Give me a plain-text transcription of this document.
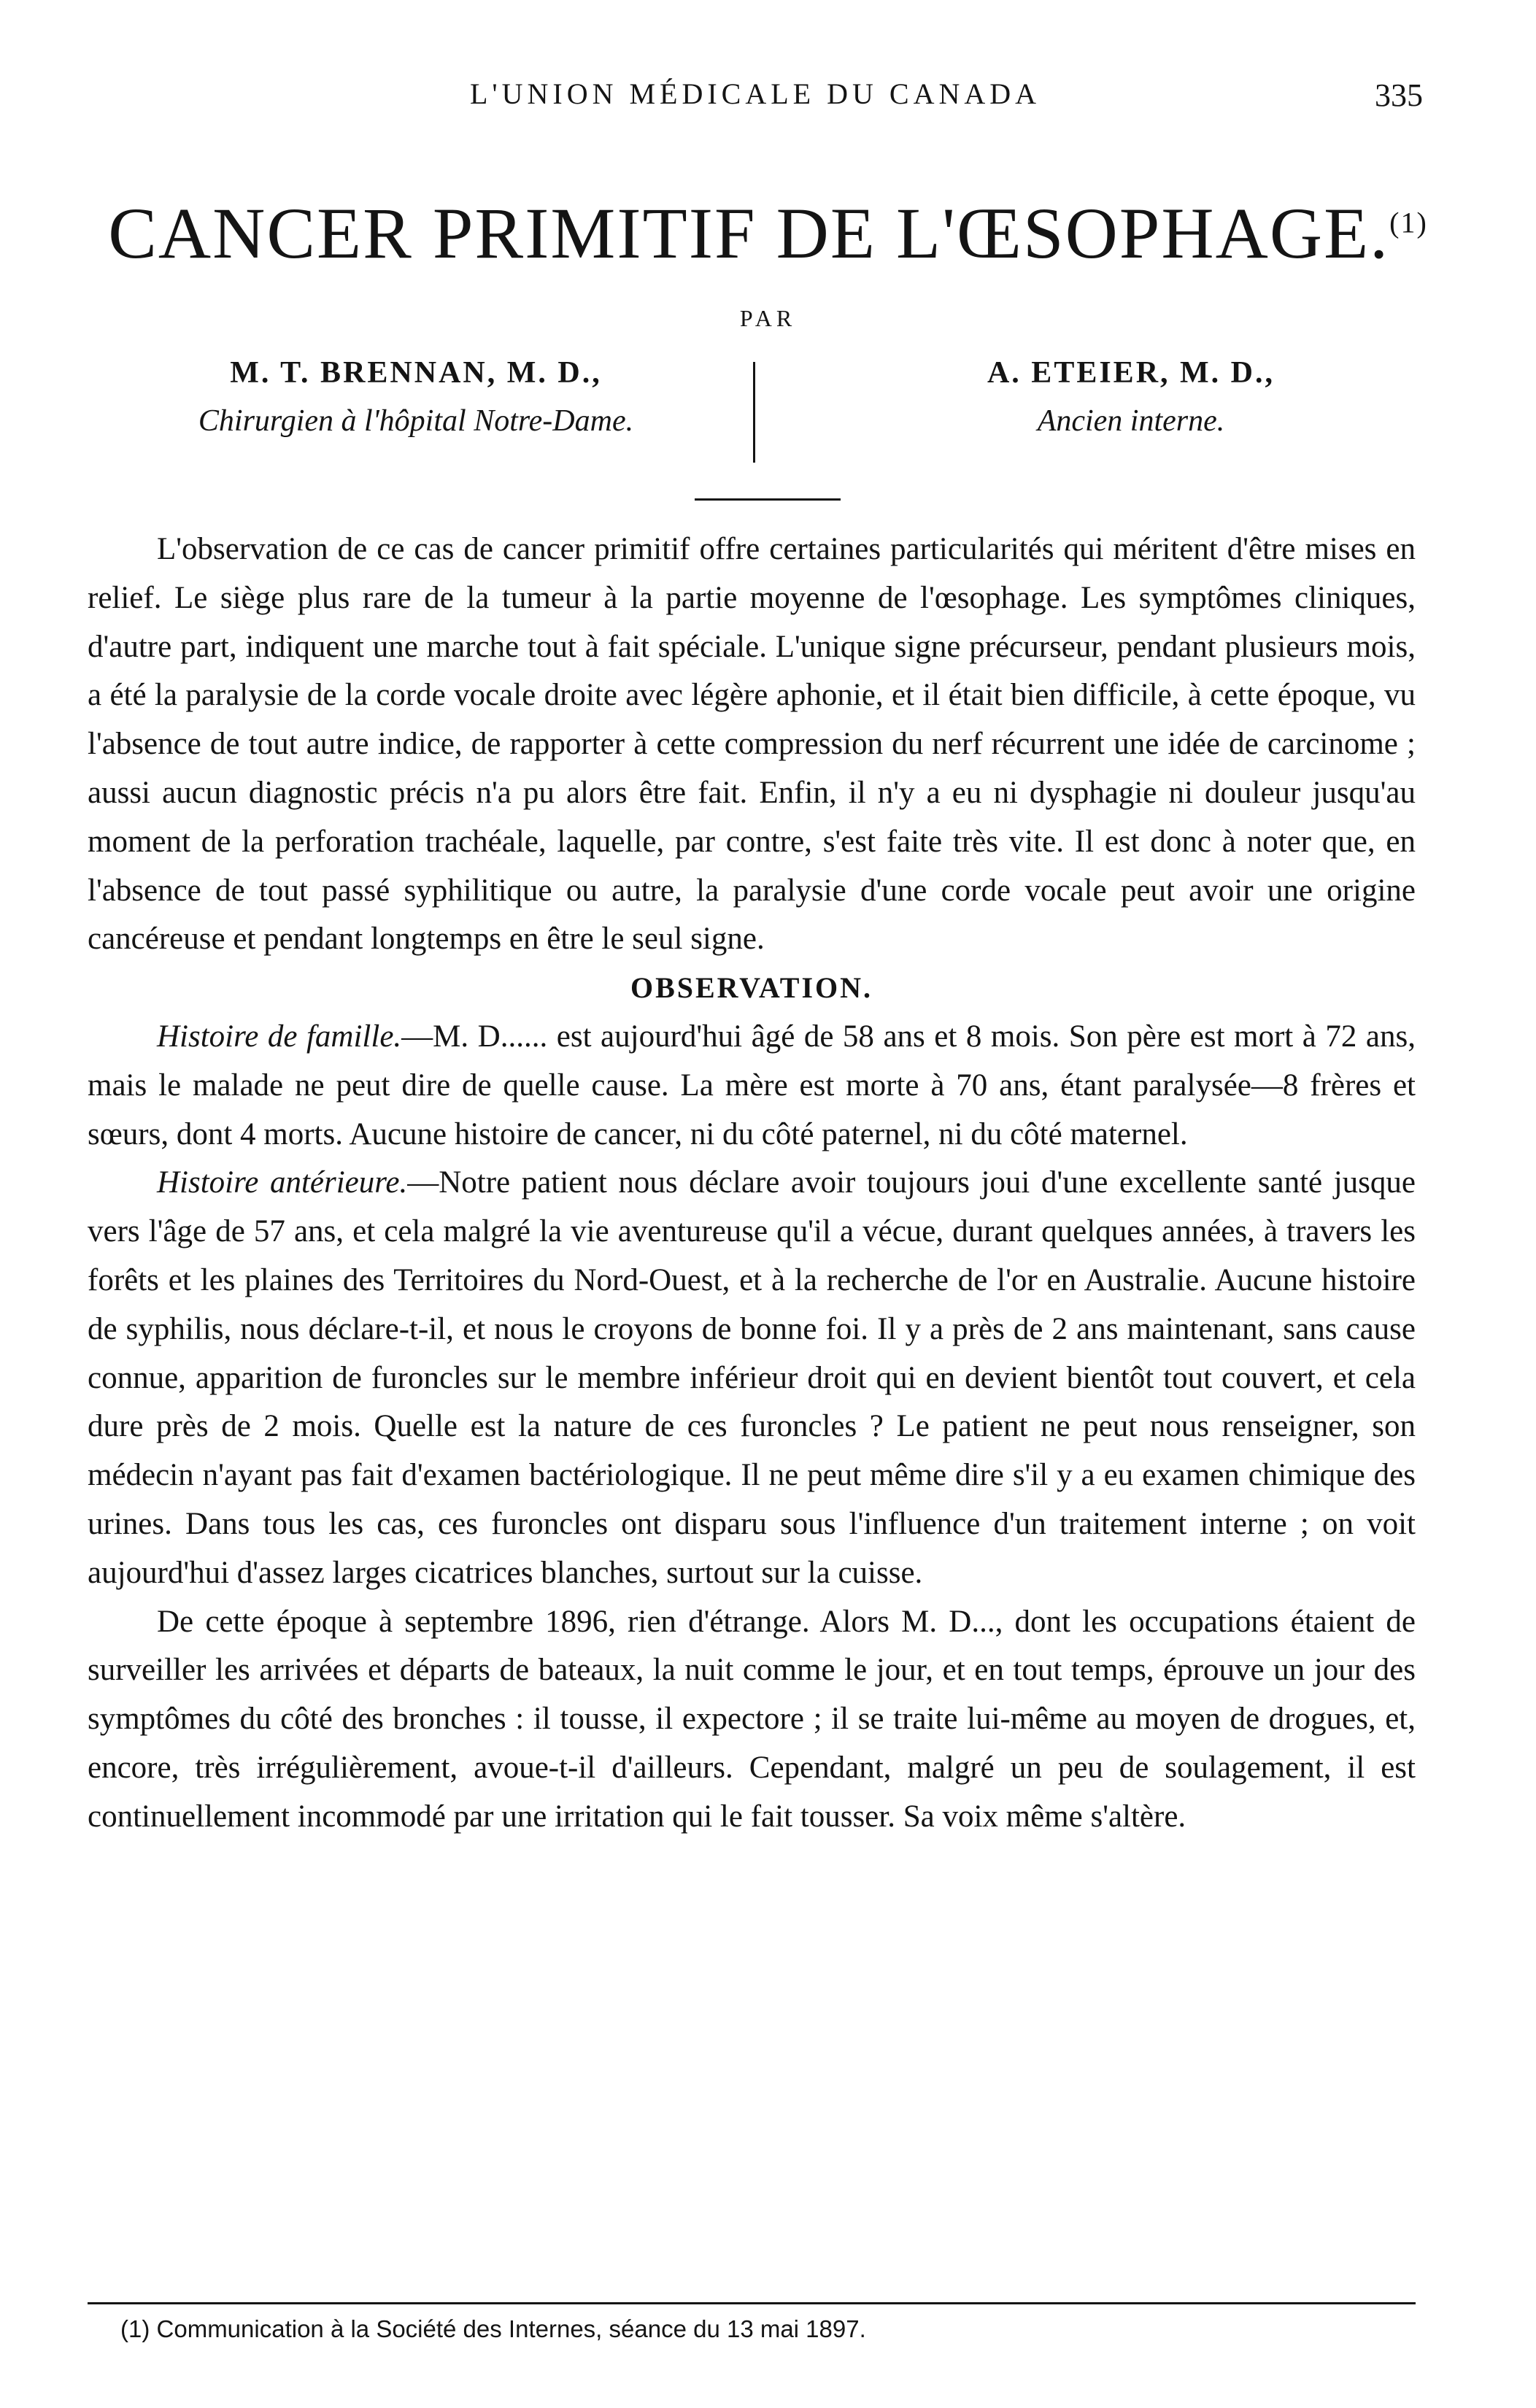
L'UNION MÉDICALE DU CANADA	335
CANCER PRIMITIF DE L'ŒSOPHAGE.$^{(1)}$
PAR
M. T. BRENNAN, M. D.,
Chirurgien à l'hôpital Notre-Dame.
A. ETEIER, M. D.,
Ancien interne.

L'observation de ce cas de cancer primitif offre certaines particularités qui méritent d'être mises en relief. Le siège plus rare de la tumeur à la partie moyenne de l'œsophage. Les symptômes cliniques, d'autre part, indiquent une marche tout à fait spéciale. L'unique signe précurseur, pendant plusieurs mois, a été la paralysie de la corde vocale droite avec légère aphonie, et il était bien difficile, à cette époque, vu l'absence de tout autre indice, de rapporter à cette compression du nerf récurrent une idée de carcinome ; aussi aucun diagnostic précis n'a pu alors être fait. Enfin, il n'y a eu ni dysphagie ni douleur jusqu'au moment de la perforation trachéale, laquelle, par contre, s'est faite très vite. Il est donc à noter que, en l'absence de tout passé syphilitique ou autre, la paralysie d'une corde vocale peut avoir une origine cancéreuse et pendant longtemps en être le seul signe.

OBSERVATION.

Histoire de famille.—M. D...... est aujourd'hui âgé de 58 ans et 8 mois. Son père est mort à 72 ans, mais le malade ne peut dire de quelle cause. La mère est morte à 70 ans, étant paralysée—8 frères et sœurs, dont 4 morts. Aucune histoire de cancer, ni du côté paternel, ni du côté maternel.

Histoire antérieure.—Notre patient nous déclare avoir toujours joui d'une excellente santé jusque vers l'âge de 57 ans, et cela malgré la vie aventureuse qu'il a vécue, durant quelques années, à travers les forêts et les plaines des Territoires du Nord-Ouest, et à la recherche de l'or en Australie. Aucune histoire de syphilis, nous déclare-t-il, et nous le croyons de bonne foi. Il y a près de 2 ans maintenant, sans cause connue, apparition de furoncles sur le membre inférieur droit qui en devient bientôt tout couvert, et cela dure près de 2 mois. Quelle est la nature de ces furoncles ? Le patient ne peut nous renseigner, son médecin n'ayant pas fait d'examen bactériologique. Il ne peut même dire s'il y a eu examen chimique des urines. Dans tous les cas, ces furoncles ont disparu sous l'influence d'un traitement interne ; on voit aujourd'hui d'assez larges cicatrices blanches, surtout sur la cuisse.

De cette époque à septembre 1896, rien d'étrange. Alors M. D..., dont les occupations étaient de surveiller les arrivées et départs de bateaux, la nuit comme le jour, et en tout temps, éprouve un jour des symptômes du côté des bronches : il tousse, il expectore ; il se traite lui-même au moyen de drogues, et, encore, très irrégulièrement, avoue-t-il d'ailleurs. Cependant, malgré un peu de soulagement, il est continuellement incommodé par une irritation qui le fait tousser. Sa voix même s'altère.

(1) Communication à la Société des Internes, séance du 13 mai 1897.
